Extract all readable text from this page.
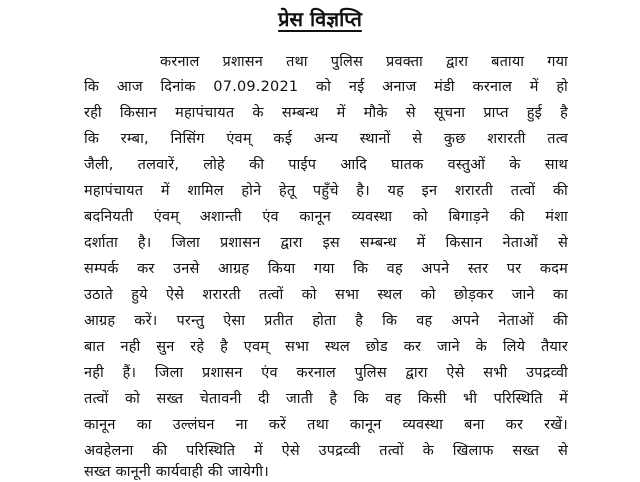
प्रेस विज्ञप्ति
करनाल प्रशासन तथा पुलिस प्रवक्ता द्वारा बताया गया
कि आज दिनांक 07.09.2021 को नई अनाज मंडी करनाल में हो
रही किसान महापंचायत के सम्बन्ध में मौके से सूचना प्राप्त हुई है
कि रम्बा, निसिंग एंवम् कई अन्य स्थानों से कुछ शरारती तत्व
जैली, तलवारें, लोहे की पाईप आदि घातक वस्तुओं के साथ
महापंचायत में शामिल होने हेतू पहुँचे है। यह इन शरारती तत्वों की
बदनियती एंवम् अशान्ती एंव कानून व्यवस्था को बिगाड़ने की मंशा
दर्शाता है। जिला प्रशासन द्वारा इस सम्बन्ध में किसान नेताओं से
सम्पर्क कर उनसे आग्रह किया गया कि वह अपने स्तर पर कदम
उठाते हुये ऐसे शरारती तत्वों को सभा स्थल को छोड़कर जाने का
आग्रह करें। परन्तु ऐसा प्रतीत होता है कि वह अपने नेताओं की
बात नही सुन रहे है एवम् सभा स्थल छोड कर जाने के लिये तैयार
नही हैं। जिला प्रशासन एंव करनाल पुलिस द्वारा ऐसे सभी उपद्रव्वी
तत्वों को सख्त चेतावनी दी जाती है कि वह किसी भी परिस्थिति में
कानून का उल्लंघन ना करें तथा कानून व्यवस्था बना कर रखें।
अवहेलना की परिस्थिति में ऐसे उपद्रव्वी तत्वों के खिलाफ सख्त से
सख्त कानूनी कार्यवाही की जायेगी।
